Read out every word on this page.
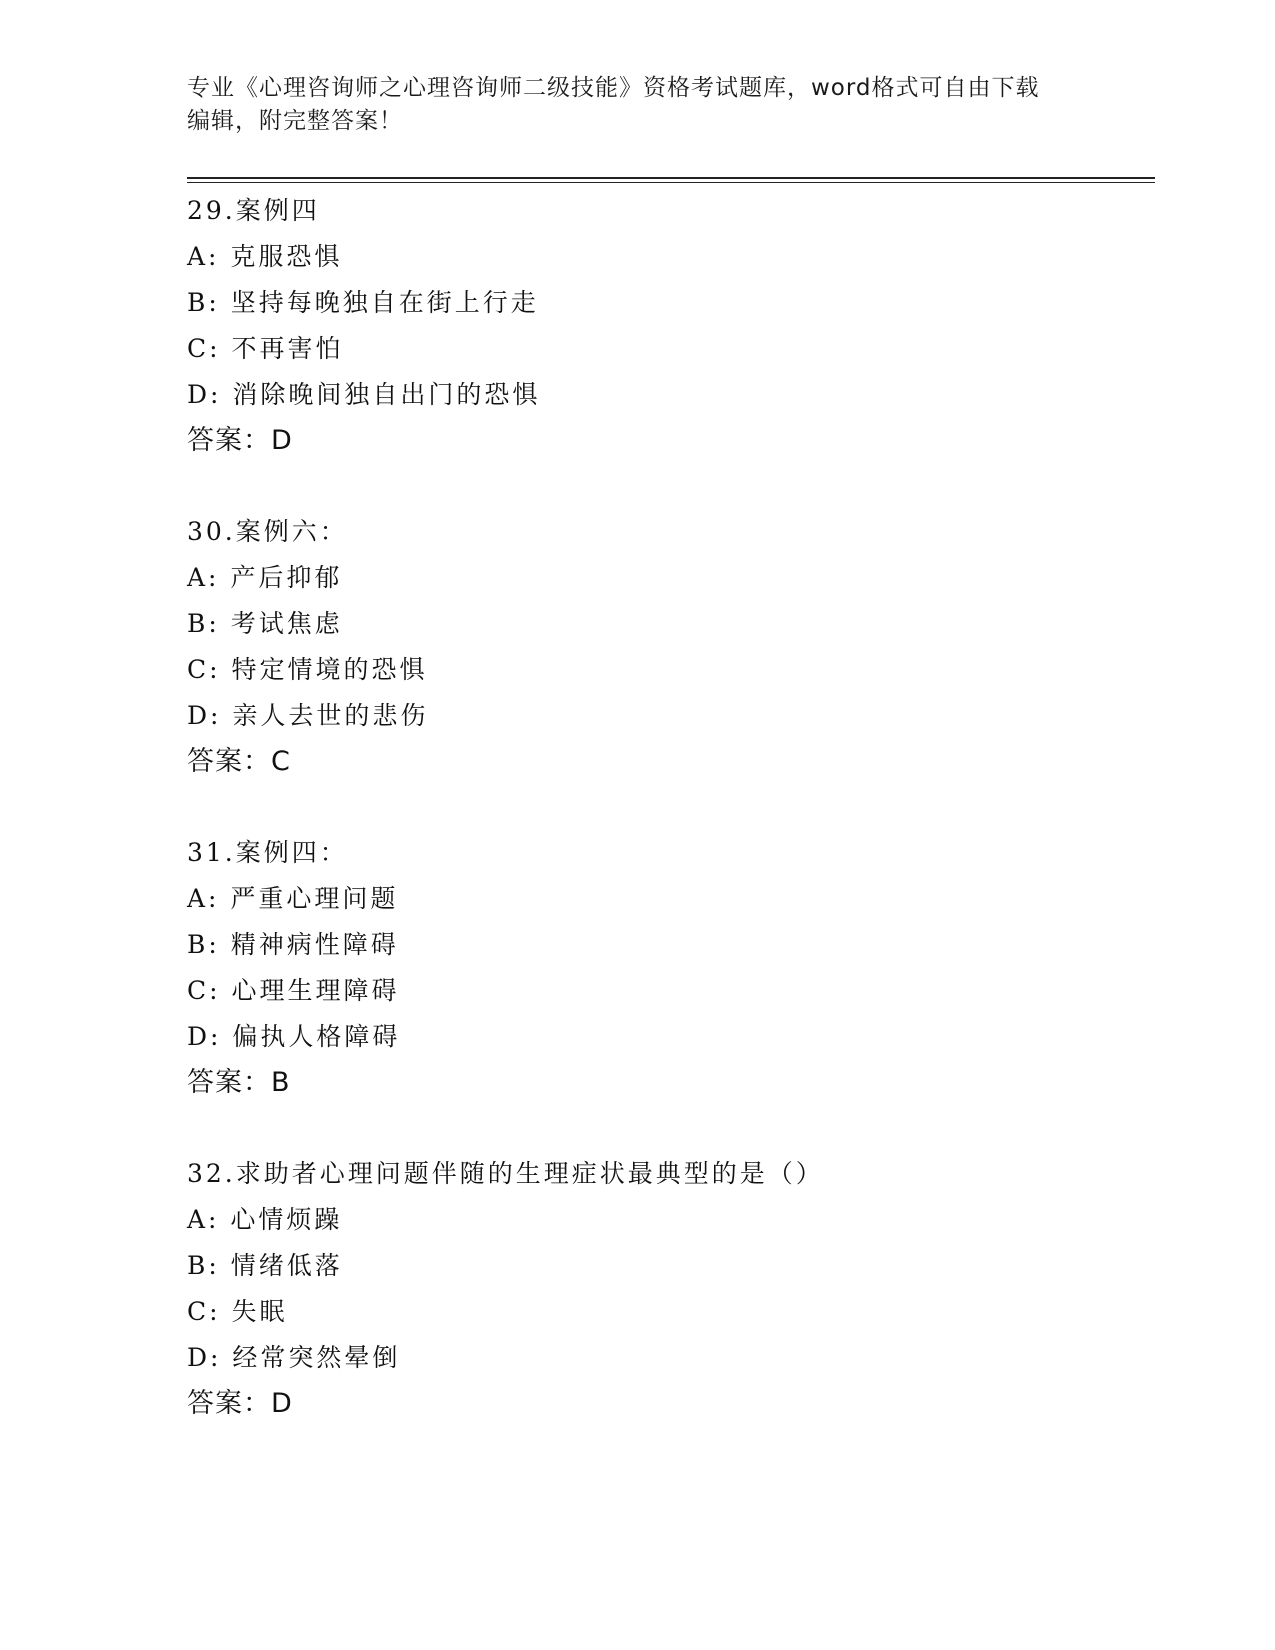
专业《心理咨询师之心理咨询师二级技能》资格考试题库，word格式可自由下载
编辑，附完整答案！
29.案例四
A: 克服恐惧
B: 坚持每晚独自在街上行走
C: 不再害怕
D: 消除晚间独自出门的恐惧
答案：D
30.案例六：
A: 产后抑郁
B: 考试焦虑
C: 特定情境的恐惧
D: 亲人去世的悲伤
答案：C
31.案例四：
A: 严重心理问题
B: 精神病性障碍
C: 心理生理障碍
D: 偏执人格障碍
答案：B
32.求助者心理问题伴随的生理症状最典型的是（）
A: 心情烦躁
B: 情绪低落
C: 失眠
D: 经常突然晕倒
答案：D
